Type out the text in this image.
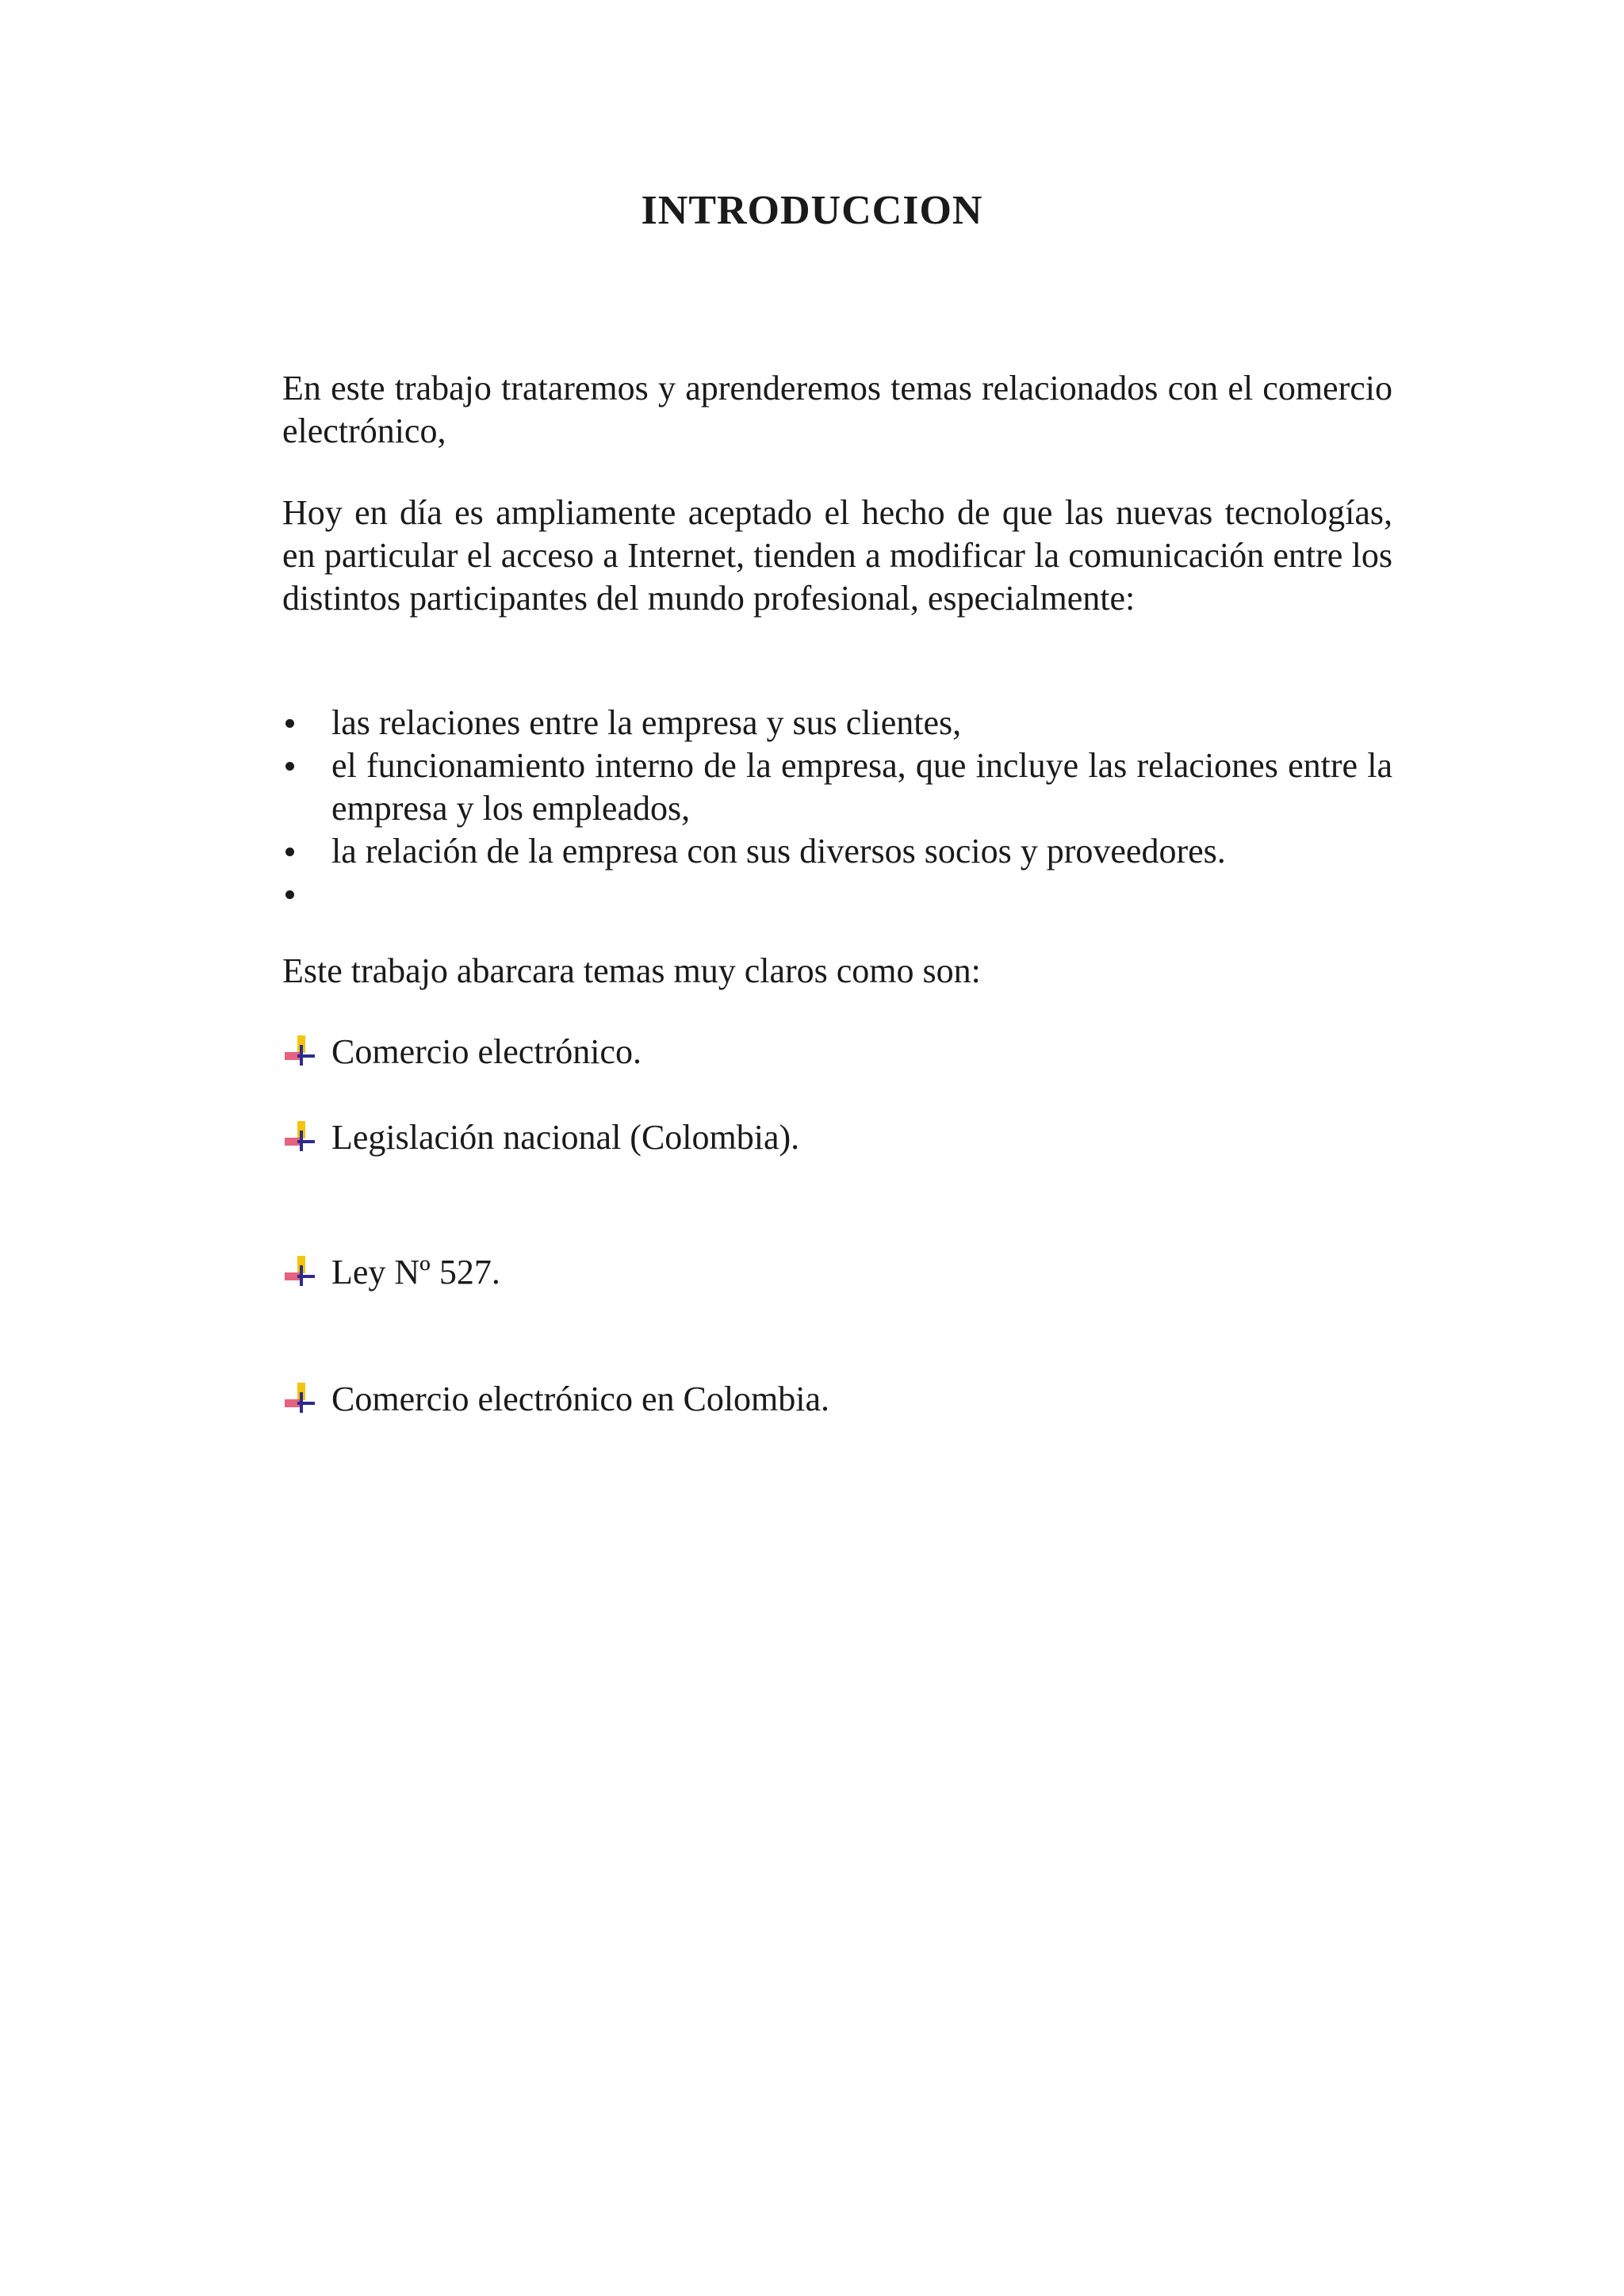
INTRODUCCION

En este trabajo trataremos y aprenderemos temas relacionados con el comercio electrónico,

Hoy en día es ampliamente aceptado el hecho de que las nuevas tecnologías, en particular el acceso a Internet, tienden a modificar la comunicación entre los distintos participantes del mundo profesional, especialmente:

las relaciones entre la empresa y sus clientes,
el funcionamiento interno de la empresa, que incluye las relaciones entre la empresa y los empleados,
la relación de la empresa con sus diversos socios y proveedores.
Este trabajo abarcara temas muy claros como son:
Comercio electrónico.
Legislación nacional (Colombia).
Ley Nº 527.
Comercio electrónico en Colombia.
